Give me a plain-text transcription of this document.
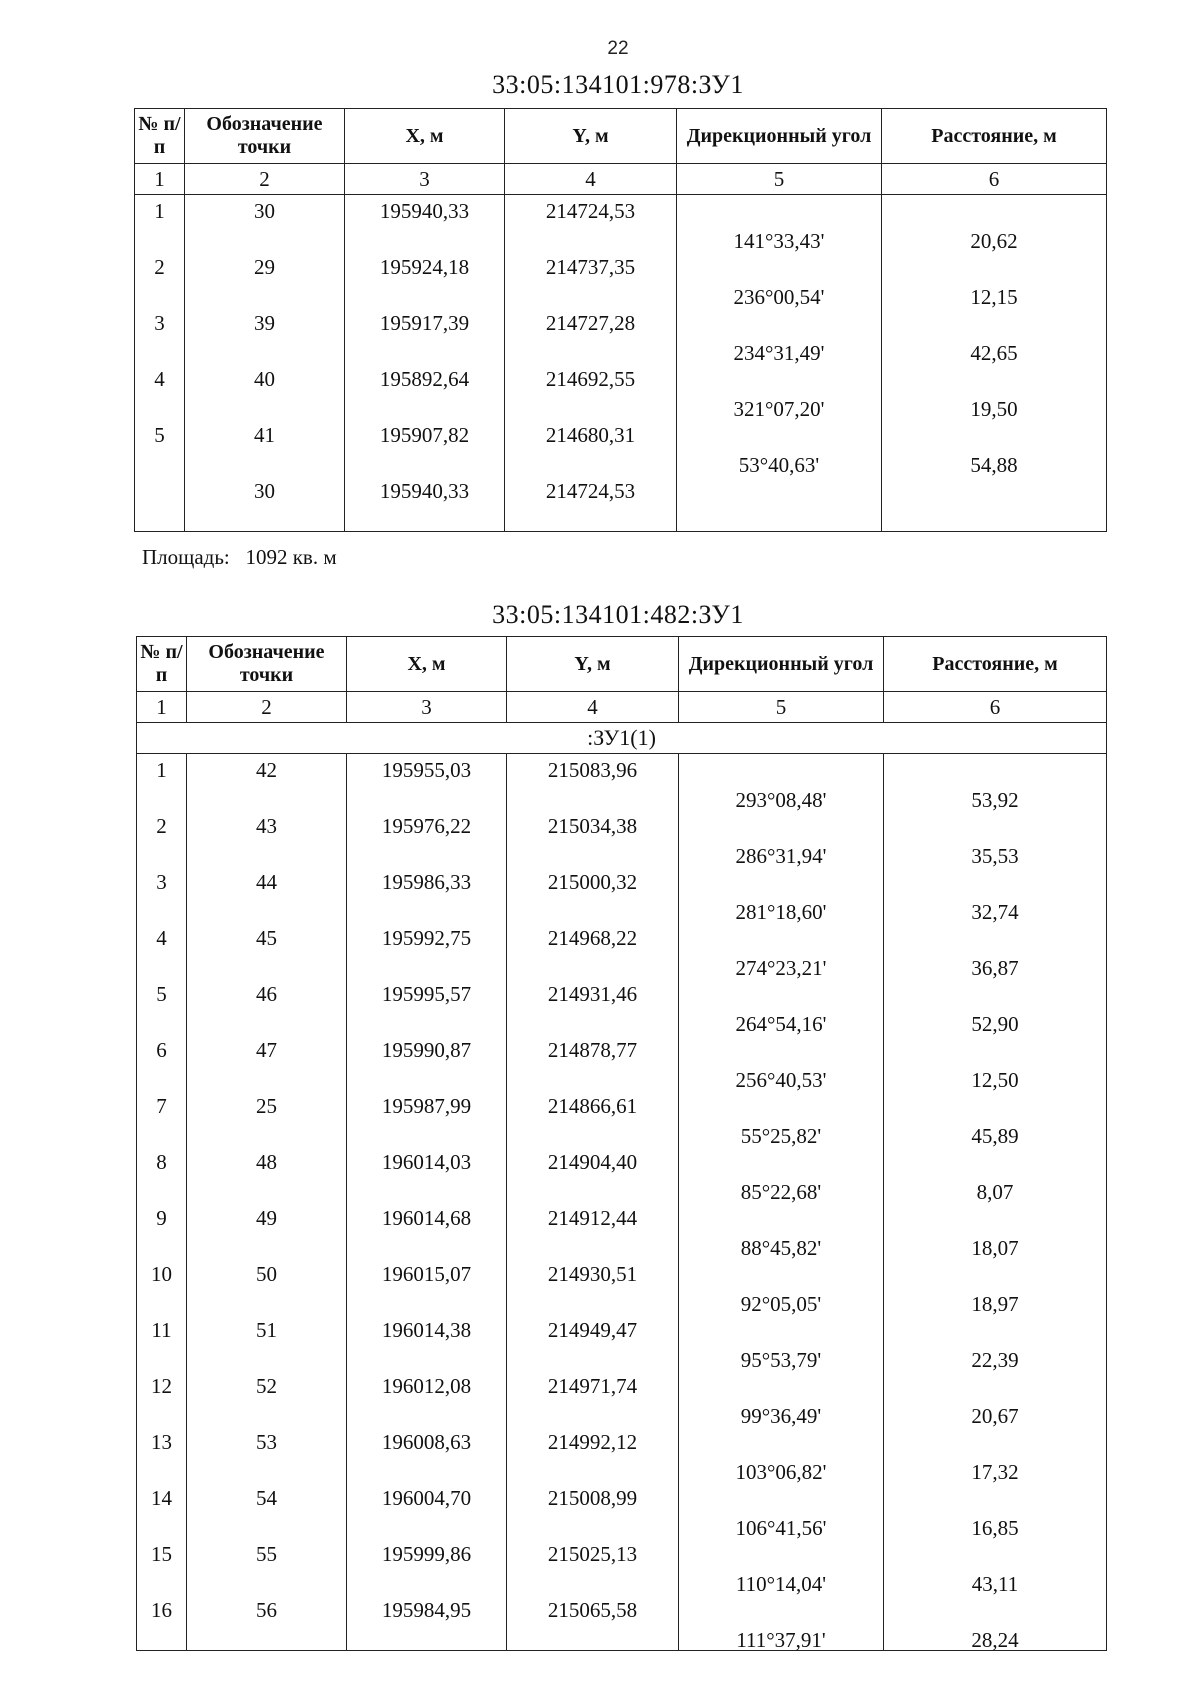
22
33:05:134101:978:ЗУ1
№ п/п	Обозначение точки	X, м	Y, м	Дирекционный угол	Расстояние, м
1	2	3	4	5	6

1	30	195940,33	214724,53	141°33,43'	20,62

2	29	195924,18	214737,35	236°00,54'	12,15

3	39	195917,39	214727,28	234°31,49'	42,65

4	40	195892,64	214692,55	321°07,20'	19,50

5	41	195907,82	214680,31	53°40,63'	54,88

	30	195940,33	214724,53		

Площадь: 1092 кв. м
33:05:134101:482:ЗУ1
№ п/п	Обозначение точки	X, м	Y, м	Дирекционный угол	Расстояние, м
1	2	3	4	5	6
:ЗУ1(1)					

1	42	195955,03	215083,96	293°08,48'	53,92

2	43	195976,22	215034,38	286°31,94'	35,53

3	44	195986,33	215000,32	281°18,60'	32,74

4	45	195992,75	214968,22	274°23,21'	36,87

5	46	195995,57	214931,46	264°54,16'	52,90

6	47	195990,87	214878,77	256°40,53'	12,50

7	25	195987,99	214866,61	55°25,82'	45,89

8	48	196014,03	214904,40	85°22,68'	8,07

9	49	196014,68	214912,44	88°45,82'	18,07

10	50	196015,07	214930,51	92°05,05'	18,97

11	51	196014,38	214949,47	95°53,79'	22,39

12	52	196012,08	214971,74	99°36,49'	20,67

13	53	196008,63	214992,12	103°06,82'	17,32

14	54	196004,70	215008,99	106°41,56'	16,85

15	55	195999,86	215025,13	110°14,04'	43,11

16	56	195984,95	215065,58	111°37,91'	28,24
